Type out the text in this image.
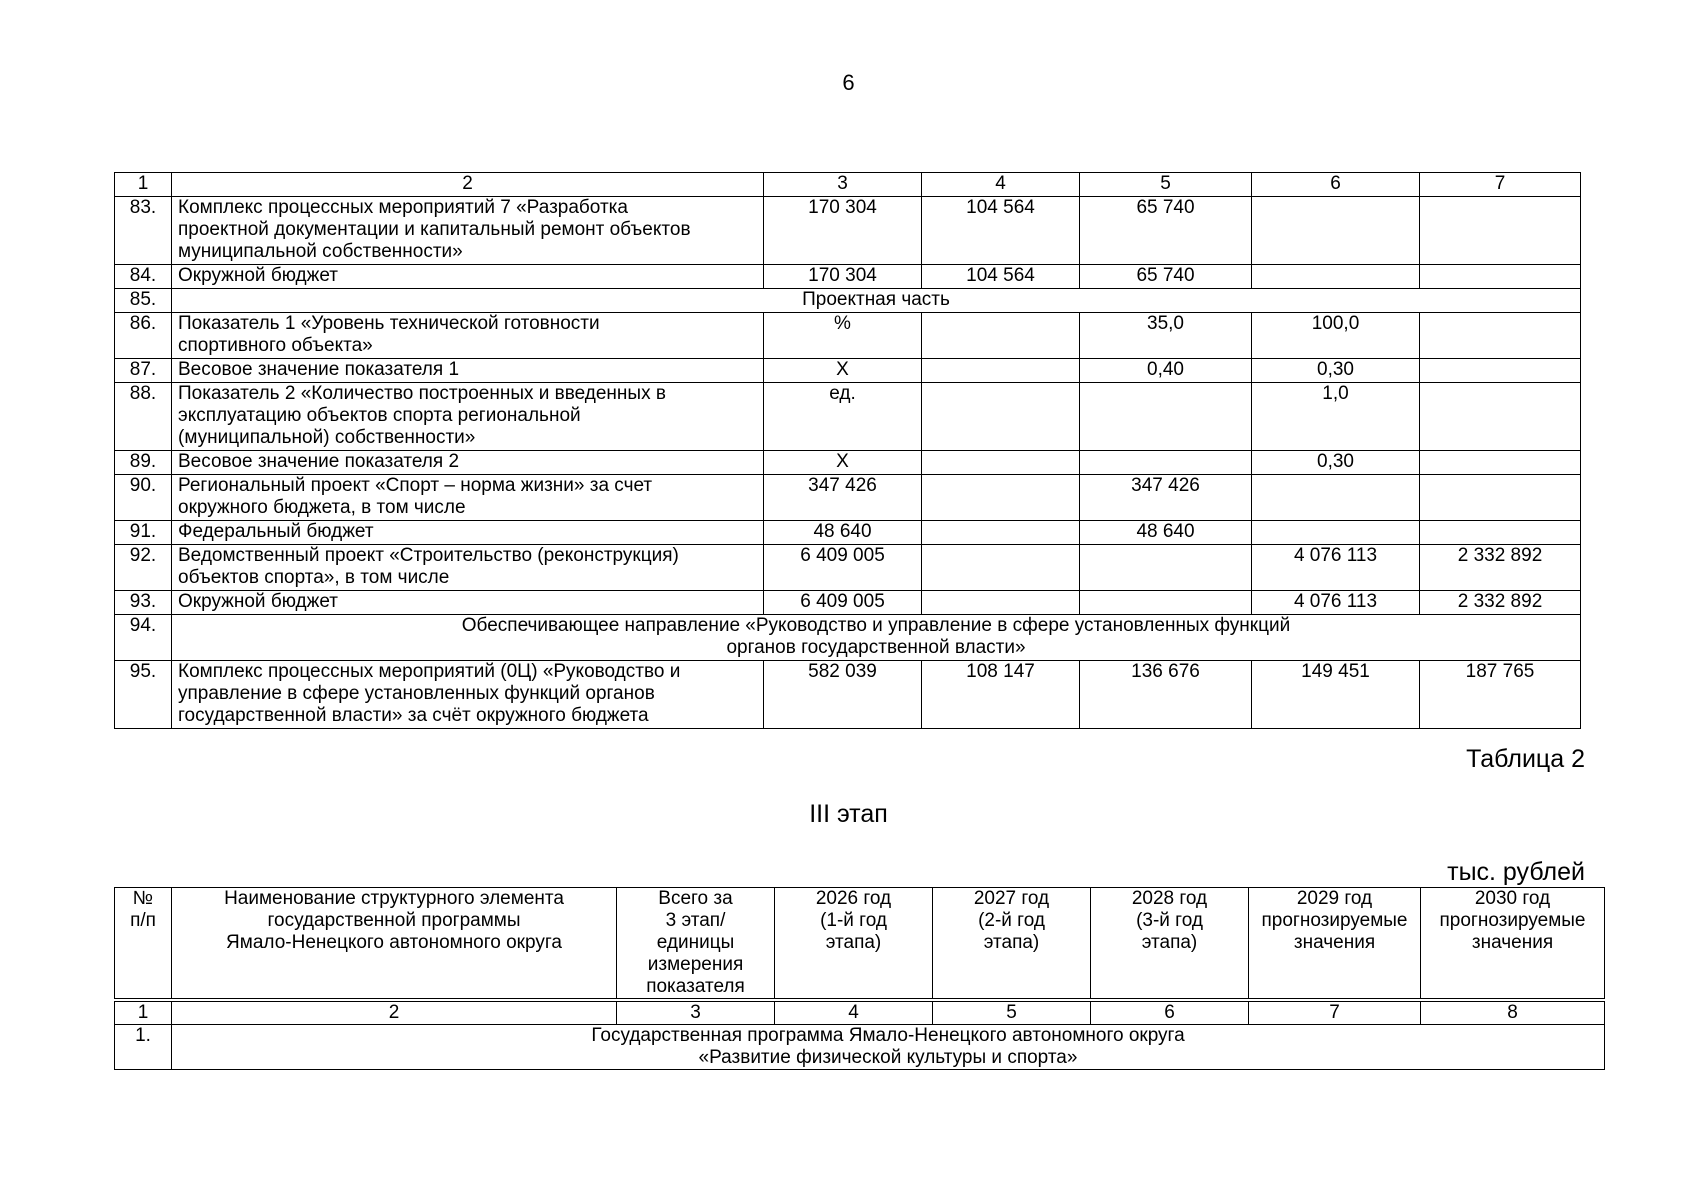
6
1	2	3	4	5	6	7
83.	Комплекс процессных мероприятий 7 «Разработка
проектной документации и капитальный ремонт объектов
муниципальной собственности»	170 304	104 564	65 740		
84.	Окружной бюджет	170 304	104 564	65 740		
85.	Проектная часть					
86.	Показатель 1 «Уровень технической готовности
спортивного объекта»	%		35,0	100,0	
87.	Весовое значение показателя 1	Х		0,40	0,30	
88.	Показатель 2 «Количество построенных и введенных в
эксплуатацию объектов спорта региональной
(муниципальной) собственности»	ед.			1,0	
89.	Весовое значение показателя 2	Х			0,30	
90.	Региональный проект «Спорт – норма жизни» за счет
окружного бюджета, в том числе	347 426		347 426		
91.	Федеральный бюджет	48 640		48 640		
92.	Ведомственный проект «Строительство (реконструкция)
объектов спорта», в том числе	6 409 005			4 076 113	2 332 892
93.	Окружной бюджет	6 409 005			4 076 113	2 332 892
94.	Обеспечивающее направление «Руководство и управление в сфере установленных функций
органов государственной власти»					
95.	Комплекс процессных мероприятий (0Ц) «Руководство и
управление в сфере установленных функций органов
государственной власти» за счёт окружного бюджета	582 039	108 147	136 676	149 451	187 765
Таблица 2
III этап
тыс. рублей
№
п/п	Наименование структурного элемента
государственной программы
Ямало-Ненецкого автономного округа	Всего за
3 этап/
единицы
измерения
показателя	2026 год
(1-й год
этапа)	2027 год
(2-й год
этапа)	2028 год
(3-й год
этапа)	2029 год
прогнозируемые
значения	2030 год
прогнозируемые
значения
1	2	3	4	5	6	7	8
1.	Государственная программа Ямало-Ненецкого автономного округа
«Развитие физической культуры и спорта»						
